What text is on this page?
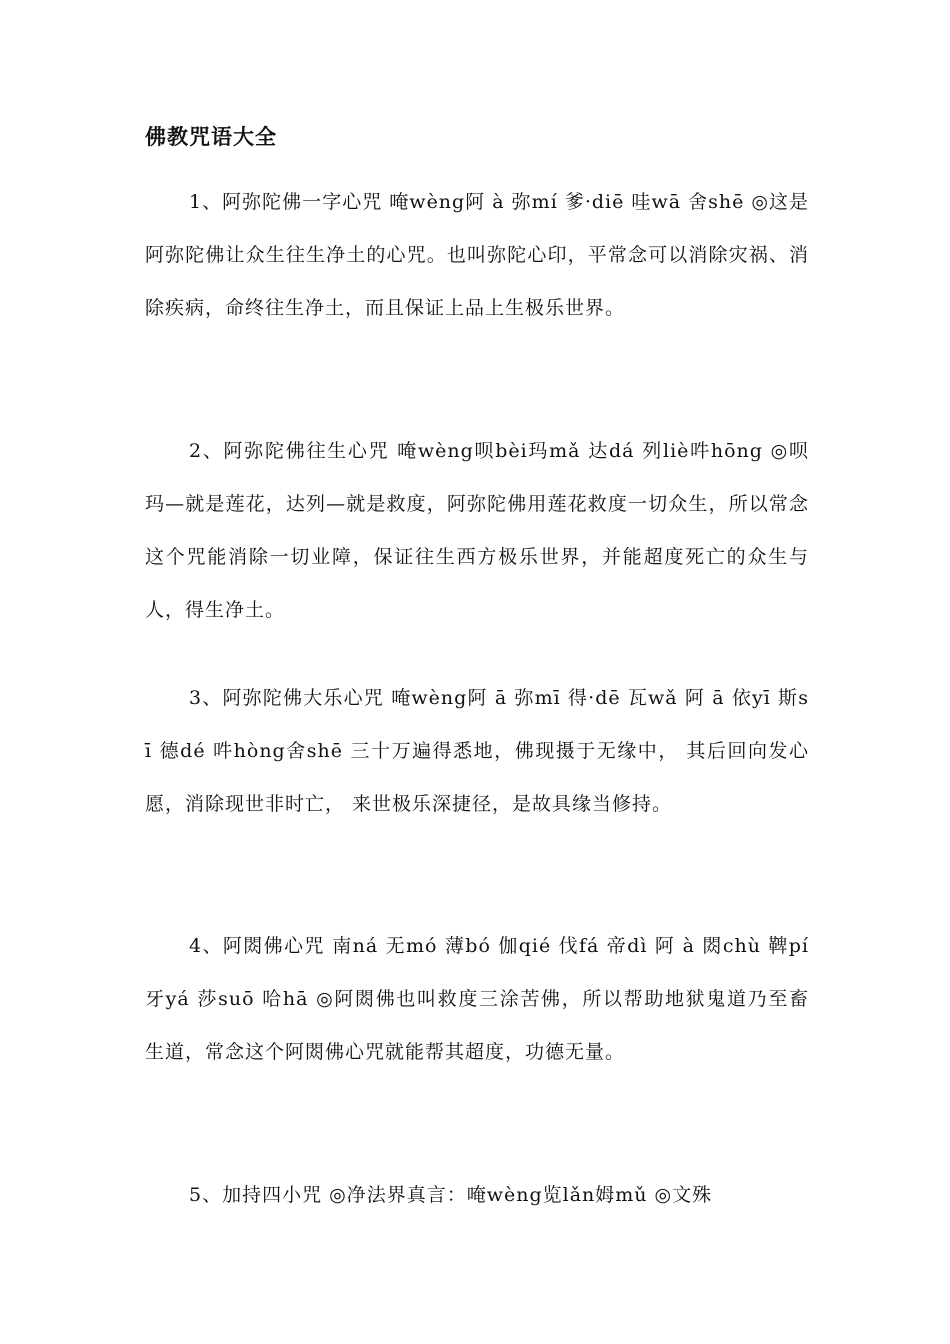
佛教咒语大全

1、阿弥陀佛一字心咒 唵wèng阿 à 弥mí 爹·diē 哇wā 舍shē ◎这是阿弥陀佛让众生往生净土的心咒。也叫弥陀心印，平常念可以消除灾祸、消除疾病，命终往生净土，而且保证上品上生极乐世界。

2、阿弥陀佛往生心咒 唵wèng呗bèi玛mǎ 达dá 列liè吽hōng ◎呗玛—就是莲花，达列—就是救度，阿弥陀佛用莲花救度一切众生，所以常念这个咒能消除一切业障，保证往生西方极乐世界，并能超度死亡的众生与人，得生净土。

3、阿弥陀佛大乐心咒 唵wèng阿 ā 弥mī 得·dē 瓦wǎ 阿 ā 依yī 斯sī 德dé 吽hòng舍shē 三十万遍得悉地，佛现摄于无缘中， 其后回向发心愿，消除现世非时亡， 来世极乐深捷径，是故具缘当修持。

4、阿閦佛心咒 南ná 无mó 薄bó 伽qié 伐fá 帝dì 阿 à 閦chù 鞞pí 牙yá 莎suō 哈hā ◎阿閦佛也叫救度三涂苦佛，所以帮助地狱鬼道乃至畜生道，常念这个阿閦佛心咒就能帮其超度，功德无量。

5、加持四小咒 ◎净法界真言：唵wèng览lǎn姆mǔ ◎文殊
